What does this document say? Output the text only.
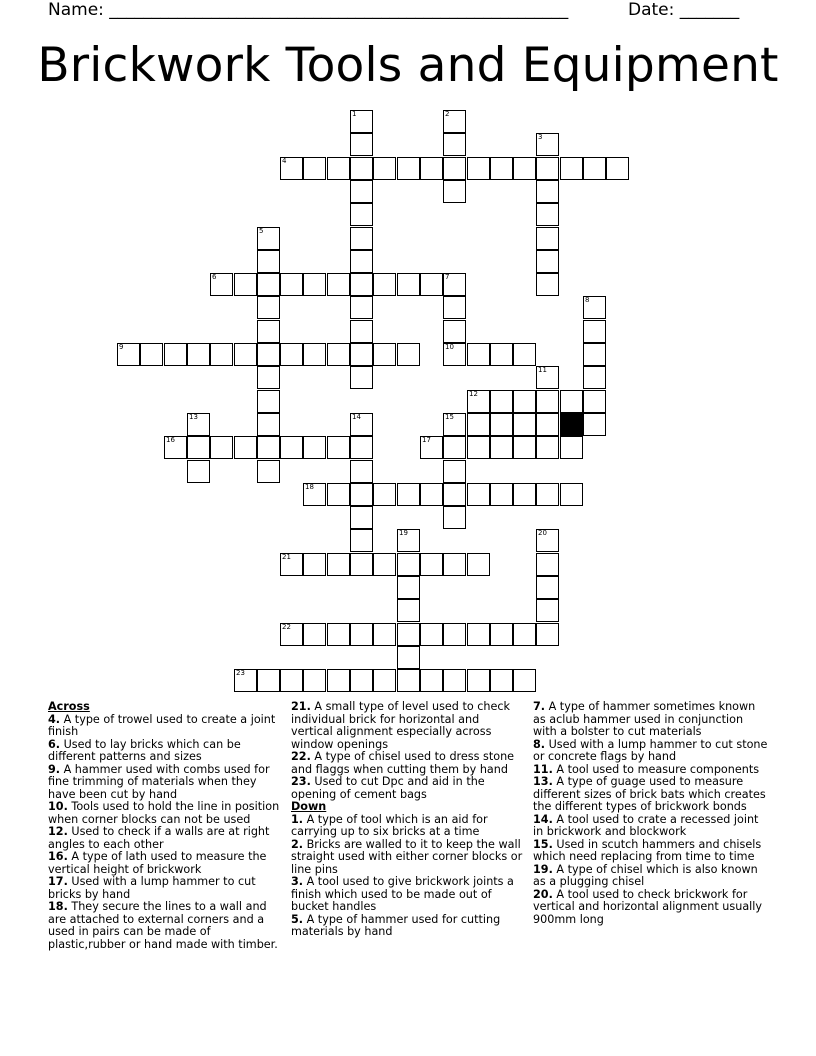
Name: ______________________________________________________	Date: _______
Brickwork Tools and Equipment
1	2
3
4
5
6	7
8
9	10
11
12
13	14	15
16	17
18
19	20
21
22
23
Across
4. A type of trowel used to create a joint finish
6. Used to lay bricks which can be different patterns and sizes
9. A hammer used with combs used for fine trimming of materials when they have been cut by hand
10. Tools used to hold the line in position when corner blocks can not be used
12. Used to check if a walls are at right angles to each other
16. A type of lath used to measure the vertical height of brickwork
17. Used with a lump hammer to cut bricks by hand
18. They secure the lines to a wall and are attached to external corners and a used in pairs can be made of plastic,rubber or hand made with timber.
21. A small type of level used to check individual brick for horizontal and vertical alignment especially across window openings
22. A type of chisel used to dress stone and flaggs when cutting them by hand
23. Used to cut Dpc and aid in the opening of cement bags
Down
1. A type of tool which is an aid for carrying up to six bricks at a time
2. Bricks are walled to it to keep the wall straight used with either corner blocks or line pins
3. A tool used to give brickwork joints a finish which used to be made out of bucket handles
5. A type of hammer used for cutting materials by hand
7. A type of hammer sometimes known as aclub hammer used in conjunction with a bolster to cut materials
8. Used with a lump hammer to cut stone or concrete flags by hand
11. A tool used to measure components
13. A type of guage used to measure different sizes of brick bats which creates the different types of brickwork bonds
14. A tool used to crate a recessed joint in brickwork and blockwork
15. Used in scutch hammers and chisels which need replacing from time to time
19. A type of chisel which is also known as a plugging chisel
20. A tool used to check brickwork for vertical and horizontal alignment usually 900mm long
